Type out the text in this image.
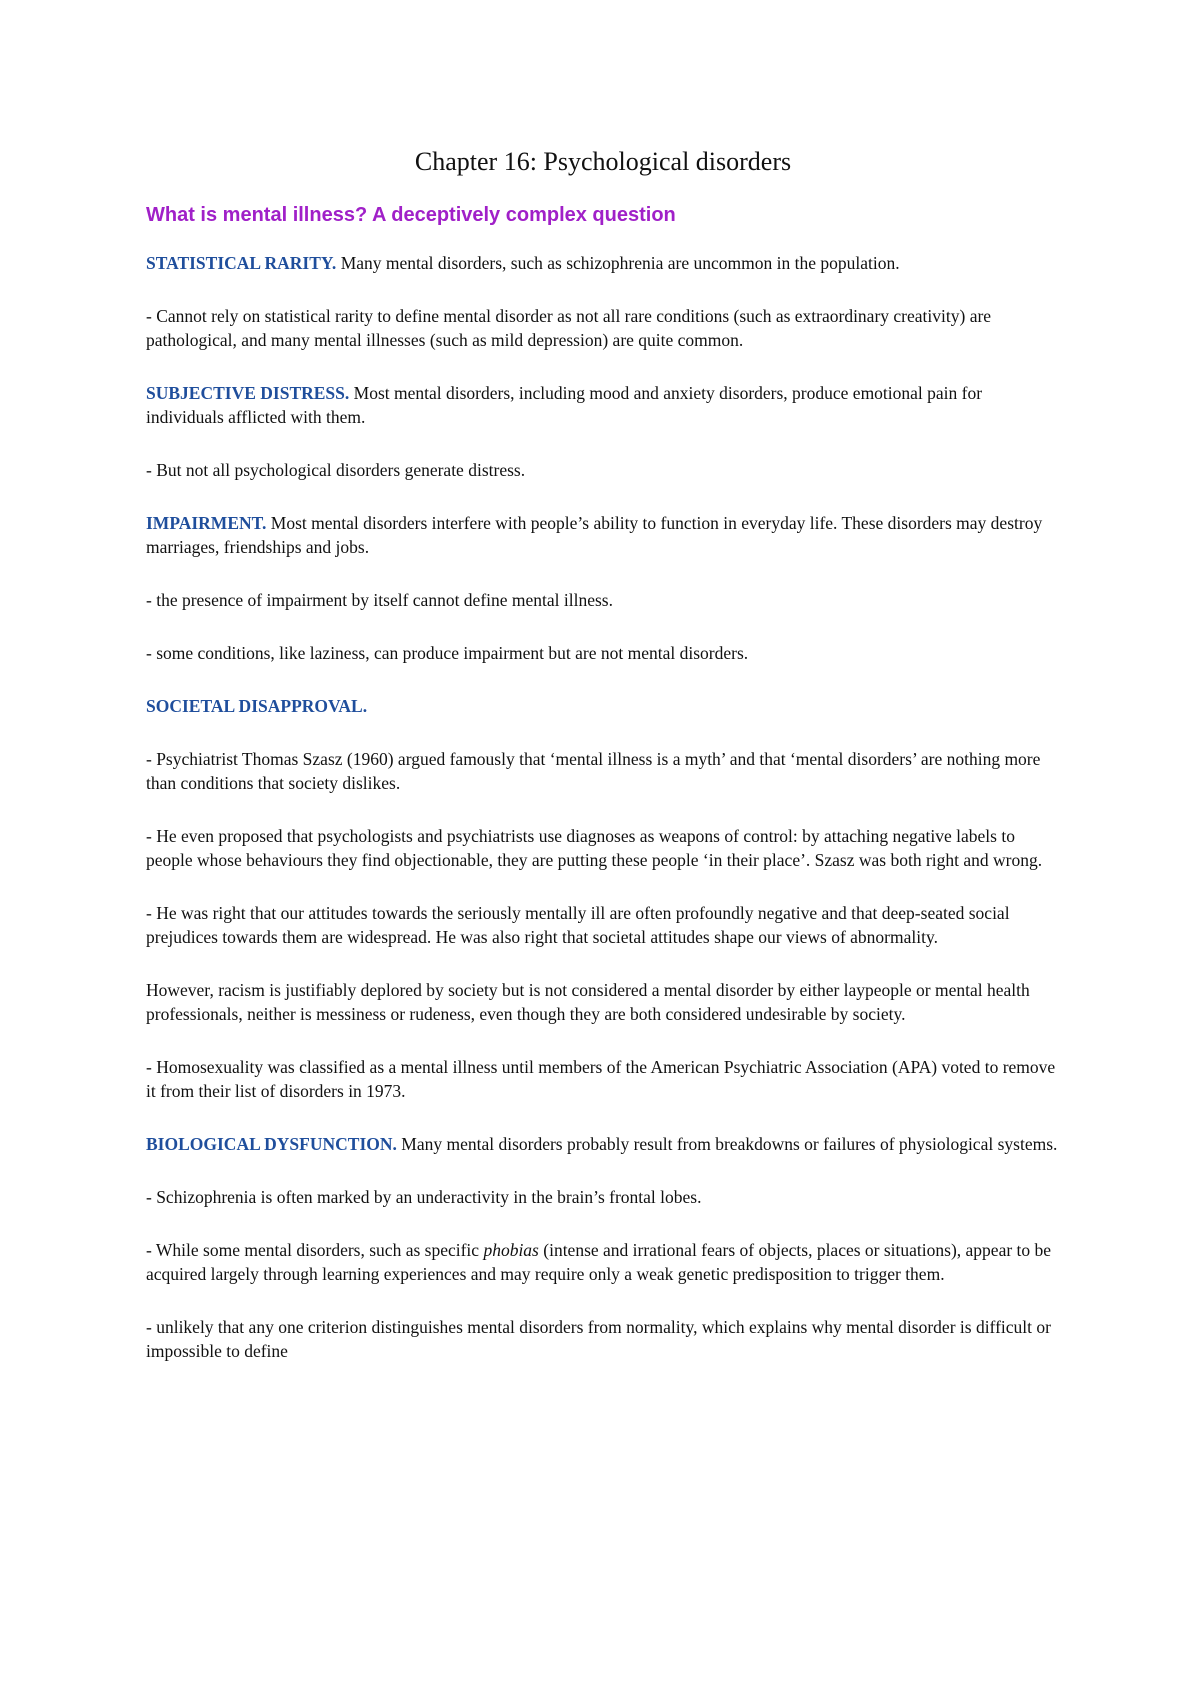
Chapter 16: Psychological disorders
What is mental illness? A deceptively complex question

STATISTICAL RARITY. Many mental disorders, such as schizophrenia are uncommon in the population.

- Cannot rely on statistical rarity to define mental disorder as not all rare conditions (such as extraordinary creativity) are pathological, and many mental illnesses (such as mild depression) are quite common.

SUBJECTIVE DISTRESS. Most mental disorders, including mood and anxiety disorders, produce emotional pain for individuals afflicted with them.

- But not all psychological disorders generate distress.

IMPAIRMENT. Most mental disorders interfere with people’s ability to function in everyday life. These disorders may destroy marriages, friendships and jobs.

- the presence of impairment by itself cannot define mental illness.

- some conditions, like laziness, can produce impairment but are not mental disorders.

SOCIETAL DISAPPROVAL.

- Psychiatrist Thomas Szasz (1960) argued famously that ‘mental illness is a myth’ and that ‘mental disorders’ are nothing more than conditions that society dislikes.

- He even proposed that psychologists and psychiatrists use diagnoses as weapons of control: by attaching negative labels to people whose behaviours they find objectionable, they are putting these people ‘in their place’. Szasz was both right and wrong.

- He was right that our attitudes towards the seriously mentally ill are often profoundly negative and that deep-seated social prejudices towards them are widespread. He was also right that societal attitudes shape our views of abnormality.

However, racism is justifiably deplored by society but is not considered a mental disorder by either laypeople or mental health professionals, neither is messiness or rudeness, even though they are both considered undesirable by society.

- Homosexuality was classified as a mental illness until members of the American Psychiatric Association (APA) voted to remove it from their list of disorders in 1973.

BIOLOGICAL DYSFUNCTION. Many mental disorders probably result from breakdowns or failures of physiological systems.

- Schizophrenia is often marked by an underactivity in the brain’s frontal lobes.

- While some mental disorders, such as specific phobias (intense and irrational fears of objects, places or situations), appear to be acquired largely through learning experiences and may require only a weak genetic predisposition to trigger them.

- unlikely that any one criterion distinguishes mental disorders from normality, which explains why mental disorder is difficult or impossible to define
